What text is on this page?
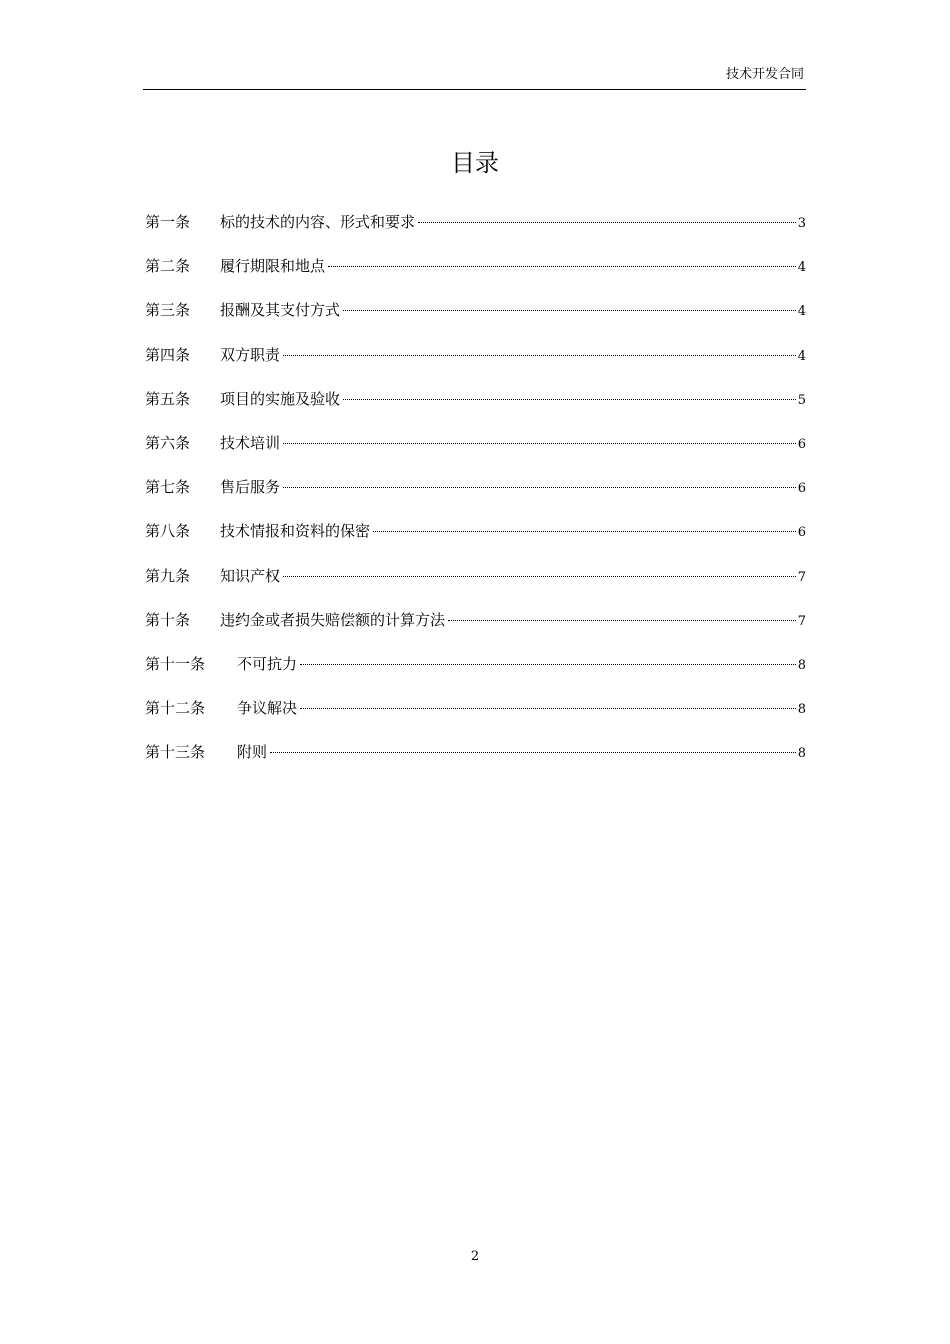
技术开发合同
目录
第一条	标的技术的内容、形式和要求	3
第二条	履行期限和地点	4
第三条	报酬及其支付方式	4
第四条	双方职责	4
第五条	项目的实施及验收	5
第六条	技术培训	6
第七条	售后服务	6
第八条	技术情报和资料的保密	6
第九条	知识产权	7
第十条	违约金或者损失赔偿额的计算方法	7
第十一条	不可抗力	8
第十二条	争议解决	8
第十三条	附则	8
2
